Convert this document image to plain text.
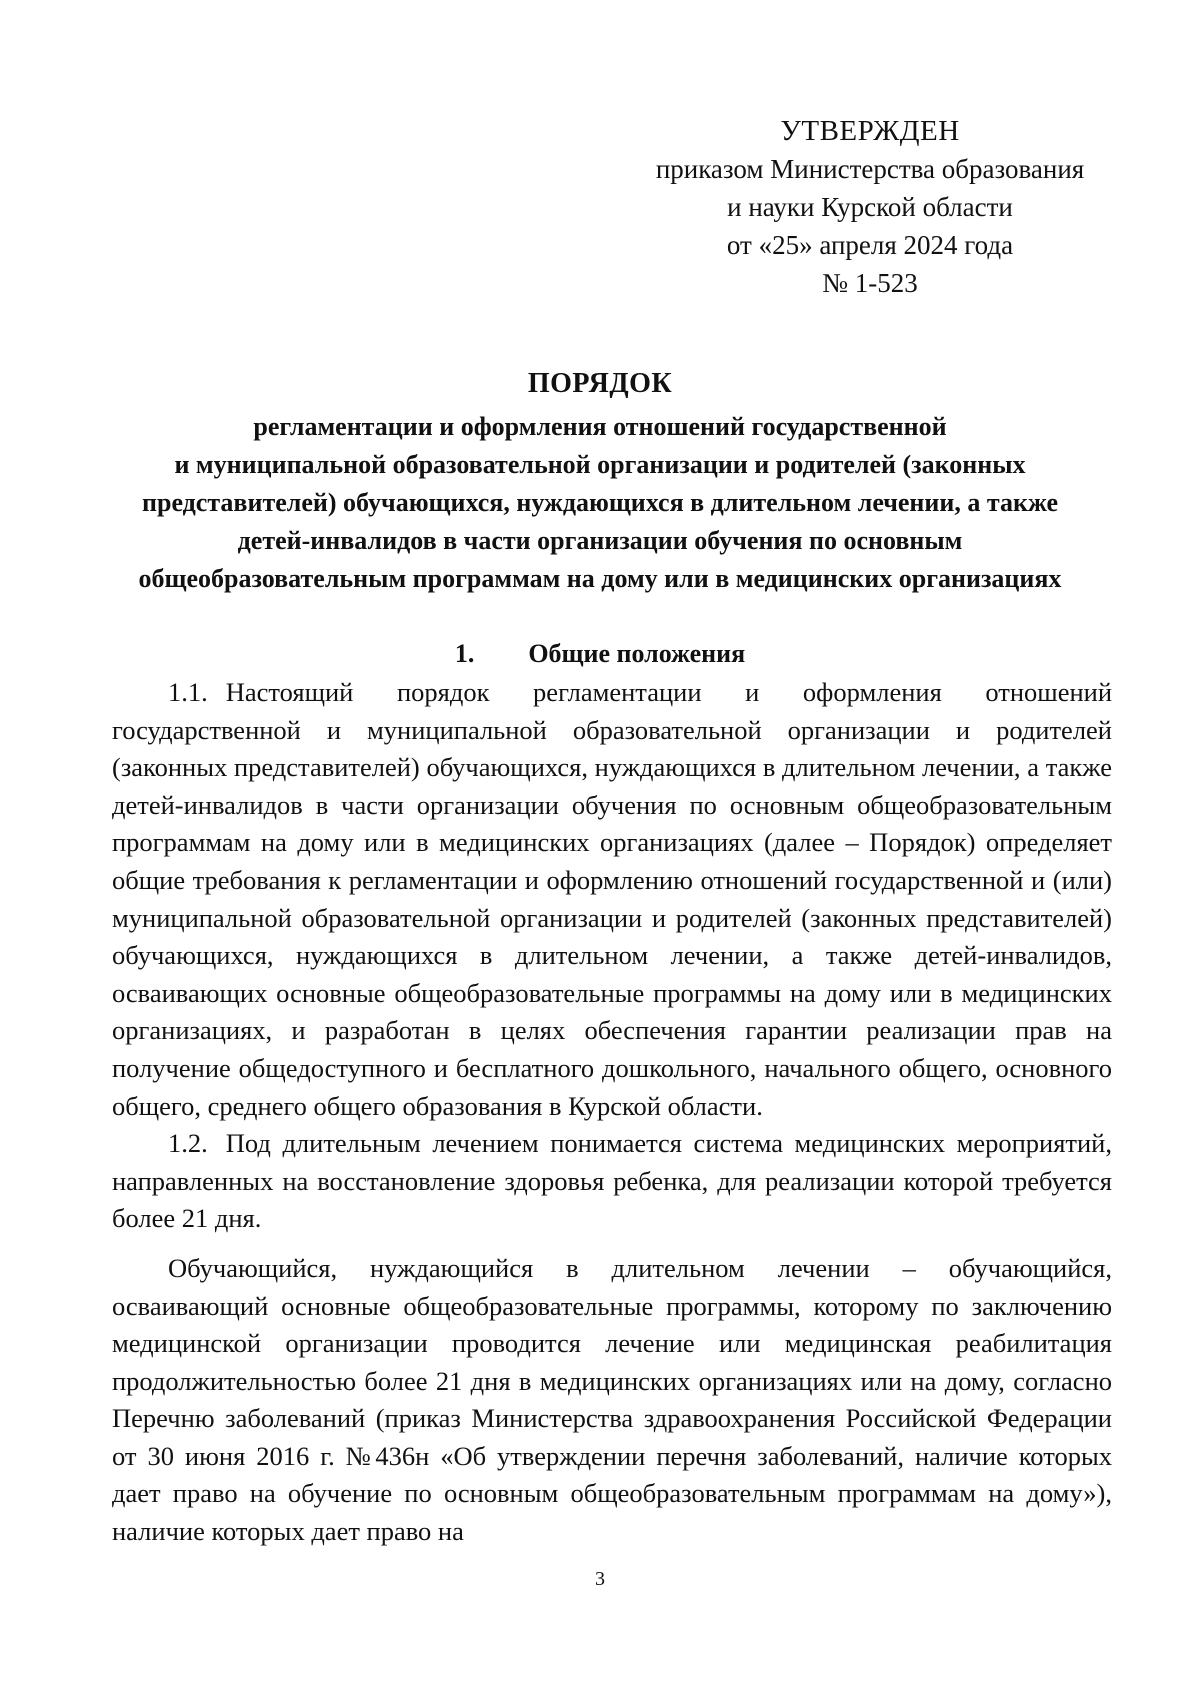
УТВЕРЖДЕН
приказом Министерства образования
и науки Курской области
от «25» апреля 2024 года
№ 1-523
ПОРЯДОК
регламентации и оформления отношений государственной
и муниципальной образовательной организации и родителей (законных
представителей) обучающихся, нуждающихся в длительном лечении, а также
детей-инвалидов в части организации обучения по основным
общеобразовательным программам на дому или в медицинских организациях
1. Общие положения

1.1. Настоящий порядок регламентации и оформления отношений государственной и муниципальной образовательной организации и родителей (законных представителей) обучающихся, нуждающихся в длительном лечении, а также детей-инвалидов в части организации обучения по основным общеобразовательным программам на дому или в медицинских организациях (далее – Порядок) определяет общие требования к регламентации и оформлению отношений государственной и (или) муниципальной образовательной организации и родителей (законных представителей) обучающихся, нуждающихся в длительном лечении, а также детей-инвалидов, осваивающих основные общеобразовательные программы на дому или в медицинских организациях, и разработан в целях обеспечения гарантии реализации прав на получение общедоступного и бесплатного дошкольного, начального общего, основного общего, среднего общего образования в Курской области.

1.2. Под длительным лечением понимается система медицинских мероприятий, направленных на восстановление здоровья ребенка, для реализации которой требуется более 21 дня.

Обучающийся, нуждающийся в длительном лечении – обучающийся, осваивающий основные общеобразовательные программы, которому по заключению медицинской организации проводится лечение или медицинская реабилитация продолжительностью более 21 дня в медицинских организациях или на дому, согласно Перечню заболеваний (приказ Министерства здравоохранения Российской Федерации от 30 июня 2016 г. №436н «Об утверждении перечня заболеваний, наличие которых дает право на обучение по основным общеобразовательным программам на дому»), наличие которых дает право на

3
